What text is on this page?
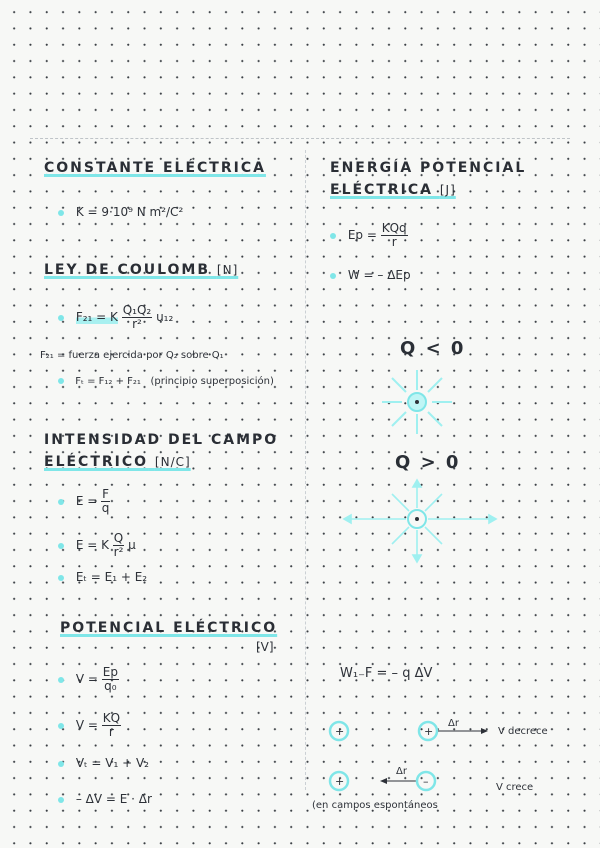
CONSTANTE ELÉCTRICA
K = 9·10⁹ N m²/C²
LEY DE COULOMB [N]
F₂₁ = K $\frac{\text{Q₁Q₂}}{\text{r²}} u_{12}$
F₂₁ = fuerza ejercida por Q₂ sobre Q₁
Fₜ = F₁₂ + F₂₁ (principio superposición)
INTENSIDAD DEL CAMPO
ELÉCTRICO [N/C]
$E = \frac{F}{q}$
E = K $\frac{Q}{\text{r²}}$ μ
Eₜ = E₁ + E₂
POTENCIAL ELÉCTRICO
[V]
$V = \frac{Ep}{\text{q₀}}$
$V = \frac{KQ}{r}$
Vₜ = V₁ + V₂
– ΔV = E · Δr
ENERGÍA POTENCIAL
ELÉCTRICA [J]
$Ep = \frac{\text{KQq}}{r}$
W = – ΔEp
Q < 0
Q > 0
W₁₋F = – q ΔV
+	+
Δr
V decrece
+	–
Δr
V crece
(en campos espontáneos
